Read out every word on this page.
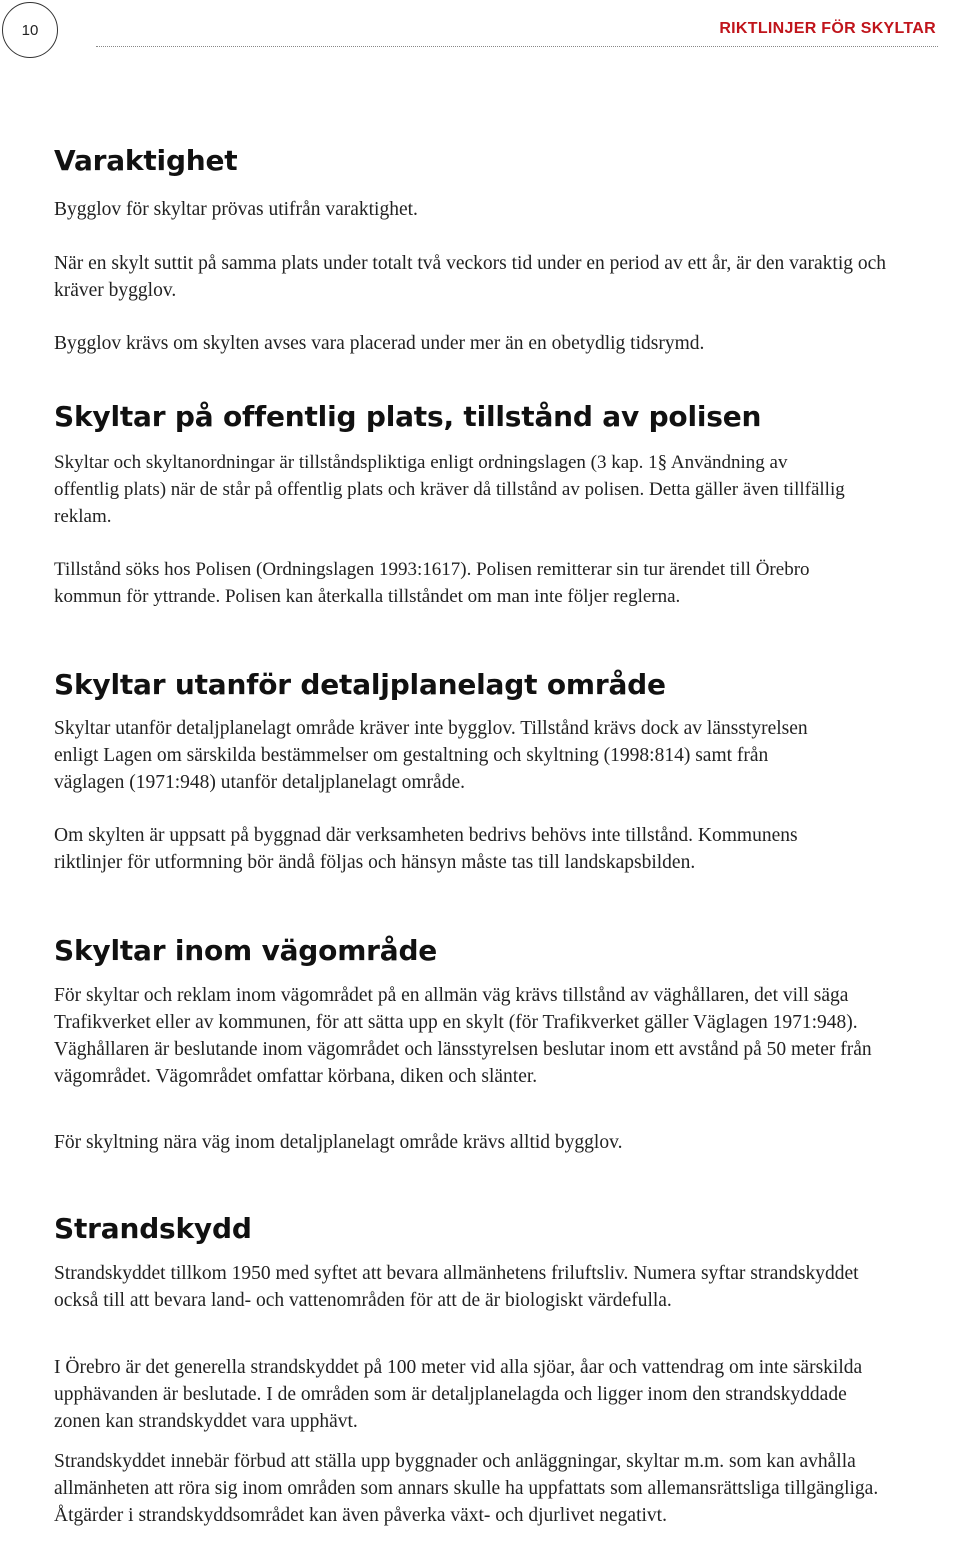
10	RIKTLINJER FÖR SKYLTAR
Varaktighet

Bygglov för skyltar prövas utifrån varaktighet.

När en skylt suttit på samma plats under totalt två veckors tid under en period av ett år, är den varaktig och kräver bygglov.

Bygglov krävs om skylten avses vara placerad under mer än en obetydlig tidsrymd.

Skyltar på offentlig plats, tillstånd av polisen

Skyltar och skyltanordningar är tillståndspliktiga enligt ordningslagen (3 kap. 1§ Användning av offentlig plats) när de står på offentlig plats och kräver då tillstånd av polisen. Detta gäller även tillfällig reklam.

Tillstånd söks hos Polisen (Ordningslagen 1993:1617). Polisen remitterar sin tur ärendet till Örebro kommun för yttrande. Polisen kan återkalla tillståndet om man inte följer reglerna.

Skyltar utanför detaljplanelagt område

Skyltar utanför detaljplanelagt område kräver inte bygglov. Tillstånd krävs dock av länsstyrelsen enligt Lagen om särskilda bestämmelser om gestaltning och skyltning (1998:814) samt från väglagen (1971:948) utanför detaljplanelagt område.

Om skylten är uppsatt på byggnad där verksamheten bedrivs behövs inte tillstånd. Kommunens riktlinjer för utformning bör ändå följas och hänsyn måste tas till landskapsbilden.

Skyltar inom vägområde

För skyltar och reklam inom vägområdet på en allmän väg krävs tillstånd av väghållaren, det vill säga Trafikverket eller av kommunen, för att sätta upp en skylt (för Trafikverket gäller Väglagen 1971:948). Väghållaren är beslutande inom vägområdet och länsstyrelsen beslutar inom ett avstånd på 50 meter från vägområdet. Vägområdet omfattar körbana, diken och slänter.

För skyltning nära väg inom detaljplanelagt område krävs alltid bygglov.

Strandskydd

Strandskyddet tillkom 1950 med syftet att bevara allmänhetens friluftsliv. Numera syftar strandskyddet också till att bevara land- och vattenområden för att de är biologiskt värdefulla.

I Örebro är det generella strandskyddet på 100 meter vid alla sjöar, åar och vattendrag om inte särskilda upphävanden är beslutade. I de områden som är detaljplanelagda och ligger inom den strandskyddade zonen kan strandskyddet vara upphävt.

Strandskyddet innebär förbud att ställa upp byggnader och anläggningar, skyltar m.m. som kan avhålla allmänheten att röra sig inom områden som annars skulle ha uppfattats som allemansrättsliga tillgängliga. Åtgärder i strandskyddsområdet kan även påverka växt- och djurlivet negativt.
